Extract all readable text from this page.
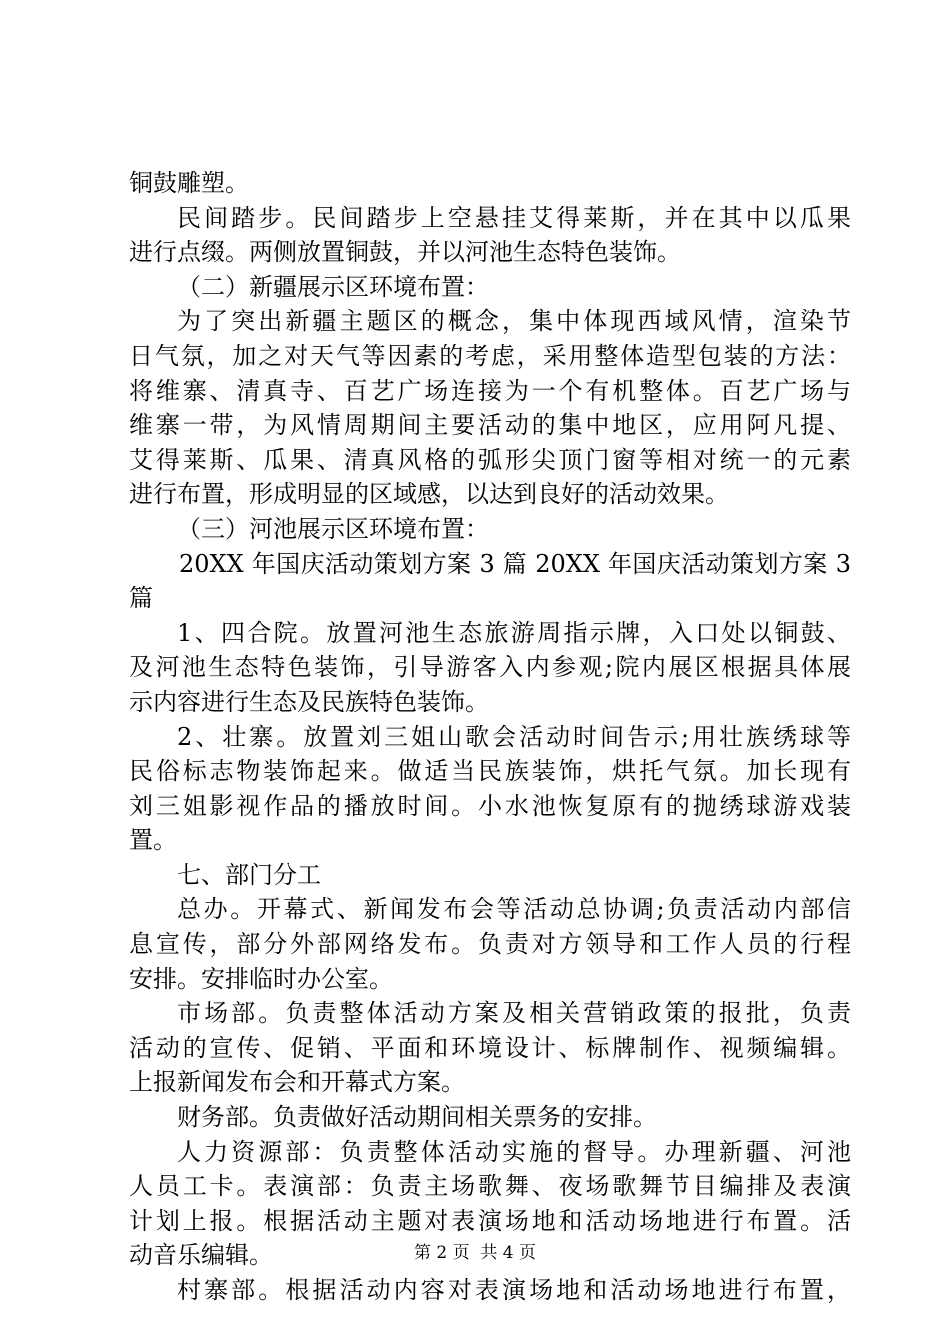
铜鼓雕塑。
民间踏步。民间踏步上空悬挂艾得莱斯，并在其中以瓜果
进行点缀。两侧放置铜鼓，并以河池生态特色装饰。
（二）新疆展示区环境布置：
为了突出新疆主题区的概念，集中体现西域风情，渲染节
日气氛，加之对天气等因素的考虑，采用整体造型包装的方法：
将维寨、清真寺、百艺广场连接为一个有机整体。百艺广场与
维寨一带，为风情周期间主要活动的集中地区，应用阿凡提、
艾得莱斯、瓜果、清真风格的弧形尖顶门窗等相对统一的元素
进行布置，形成明显的区域感，以达到良好的活动效果。
（三）河池展示区环境布置：
20XX 年国庆活动策划方案 3 篇 20XX 年国庆活动策划方案 3
篇
1、四合院。放置河池生态旅游周指示牌，入口处以铜鼓、
及河池生态特色装饰，引导游客入内参观;院内展区根据具体展
示内容进行生态及民族特色装饰。
2、壮寨。放置刘三姐山歌会活动时间告示;用壮族绣球等
民俗标志物装饰起来。做适当民族装饰，烘托气氛。加长现有
刘三姐影视作品的播放时间。小水池恢复原有的抛绣球游戏装
置。
七、部门分工
总办。开幕式、新闻发布会等活动总协调;负责活动内部信
息宣传，部分外部网络发布。负责对方领导和工作人员的行程
安排。安排临时办公室。
市场部。负责整体活动方案及相关营销政策的报批，负责
活动的宣传、促销、平面和环境设计、标牌制作、视频编辑。
上报新闻发布会和开幕式方案。
财务部。负责做好活动期间相关票务的安排。
人力资源部：负责整体活动实施的督导。办理新疆、河池
人员工卡。表演部：负责主场歌舞、夜场歌舞节目编排及表演
计划上报。根据活动主题对表演场地和活动场地进行布置。活
动音乐编辑。
村寨部。根据活动内容对表演场地和活动场地进行布置，
第 2 页  共 4 页
